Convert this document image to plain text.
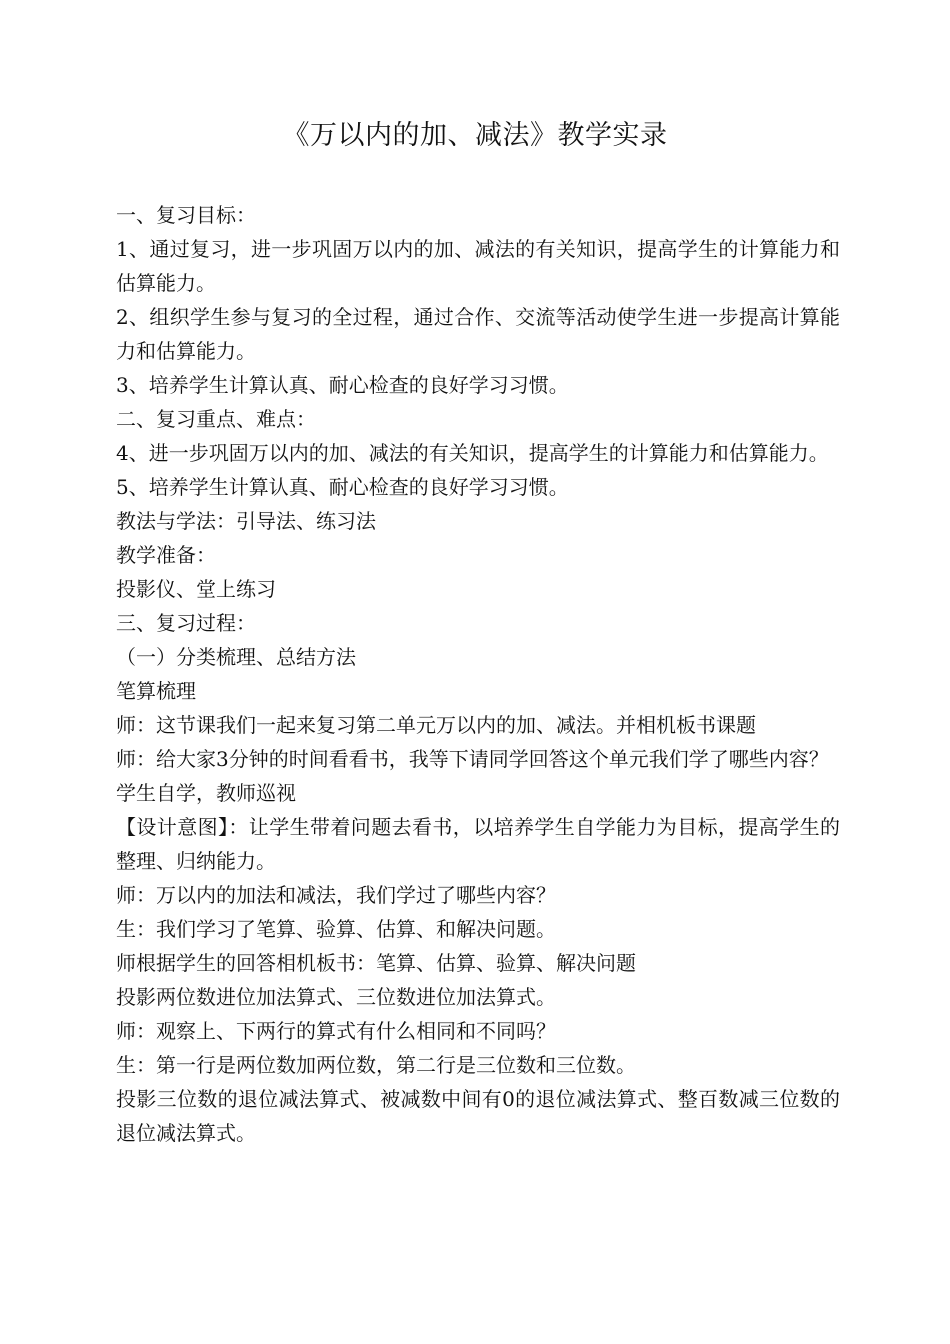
《万以内的加、减法》教学实录

一、复习目标：

1、通过复习，进一步巩固万以内的加、减法的有关知识，提高学生的计算能力和估算能力。

2、组织学生参与复习的全过程，通过合作、交流等活动使学生进一步提高计算能力和估算能力。

3、培养学生计算认真、耐心检查的良好学习习惯。

二、复习重点、难点：

4、进一步巩固万以内的加、减法的有关知识，提高学生的计算能力和估算能力。

5、培养学生计算认真、耐心检查的良好学习习惯。

教法与学法：引导法、练习法

教学准备：

投影仪、堂上练习

三、复习过程：

（一）分类梳理、总结方法

笔算梳理

师：这节课我们一起来复习第二单元万以内的加、减法。并相机板书课题

师：给大家3分钟的时间看看书，我等下请同学回答这个单元我们学了哪些内容？

学生自学，教师巡视

【设计意图】：让学生带着问题去看书，以培养学生自学能力为目标，提高学生的整理、归纳能力。

师：万以内的加法和减法，我们学过了哪些内容？

生：我们学习了笔算、验算、估算、和解决问题。

师根据学生的回答相机板书：笔算、估算、验算、解决问题

投影两位数进位加法算式、三位数进位加法算式。

师：观察上、下两行的算式有什么相同和不同吗？

生：第一行是两位数加两位数，第二行是三位数和三位数。

投影三位数的退位减法算式、被减数中间有0的退位减法算式、整百数减三位数的退位减法算式。
